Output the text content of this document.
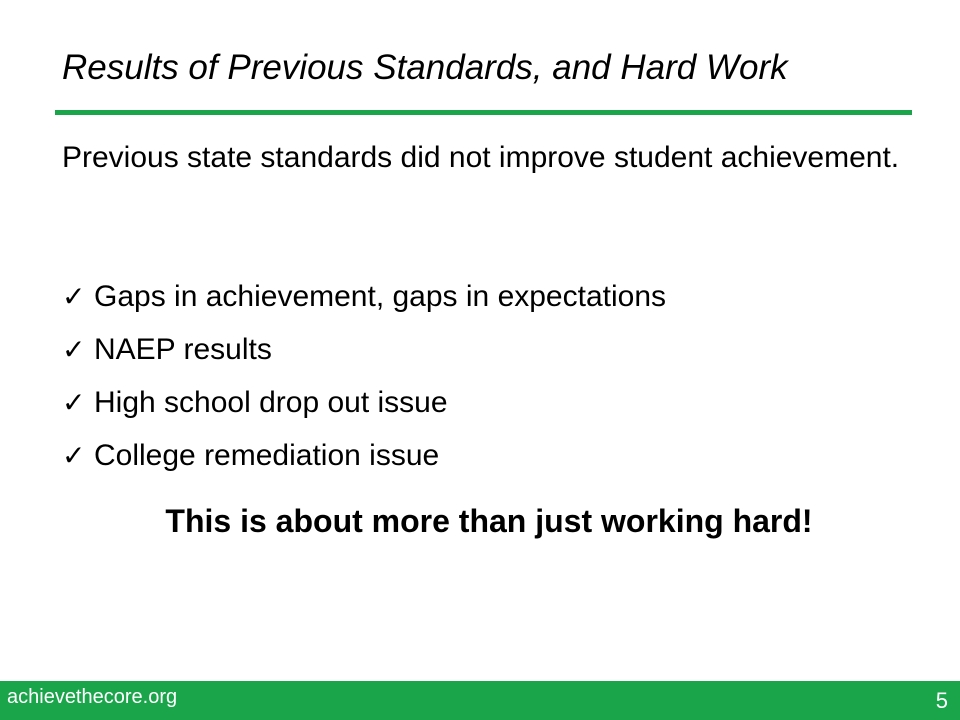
Results of Previous Standards, and Hard Work
Previous state standards did not improve student achievement.
✓ Gaps in achievement, gaps in expectations
✓ NAEP results
✓ High school drop out issue
✓ College remediation issue
This is about more than just working hard!
achievethecore.org	5
